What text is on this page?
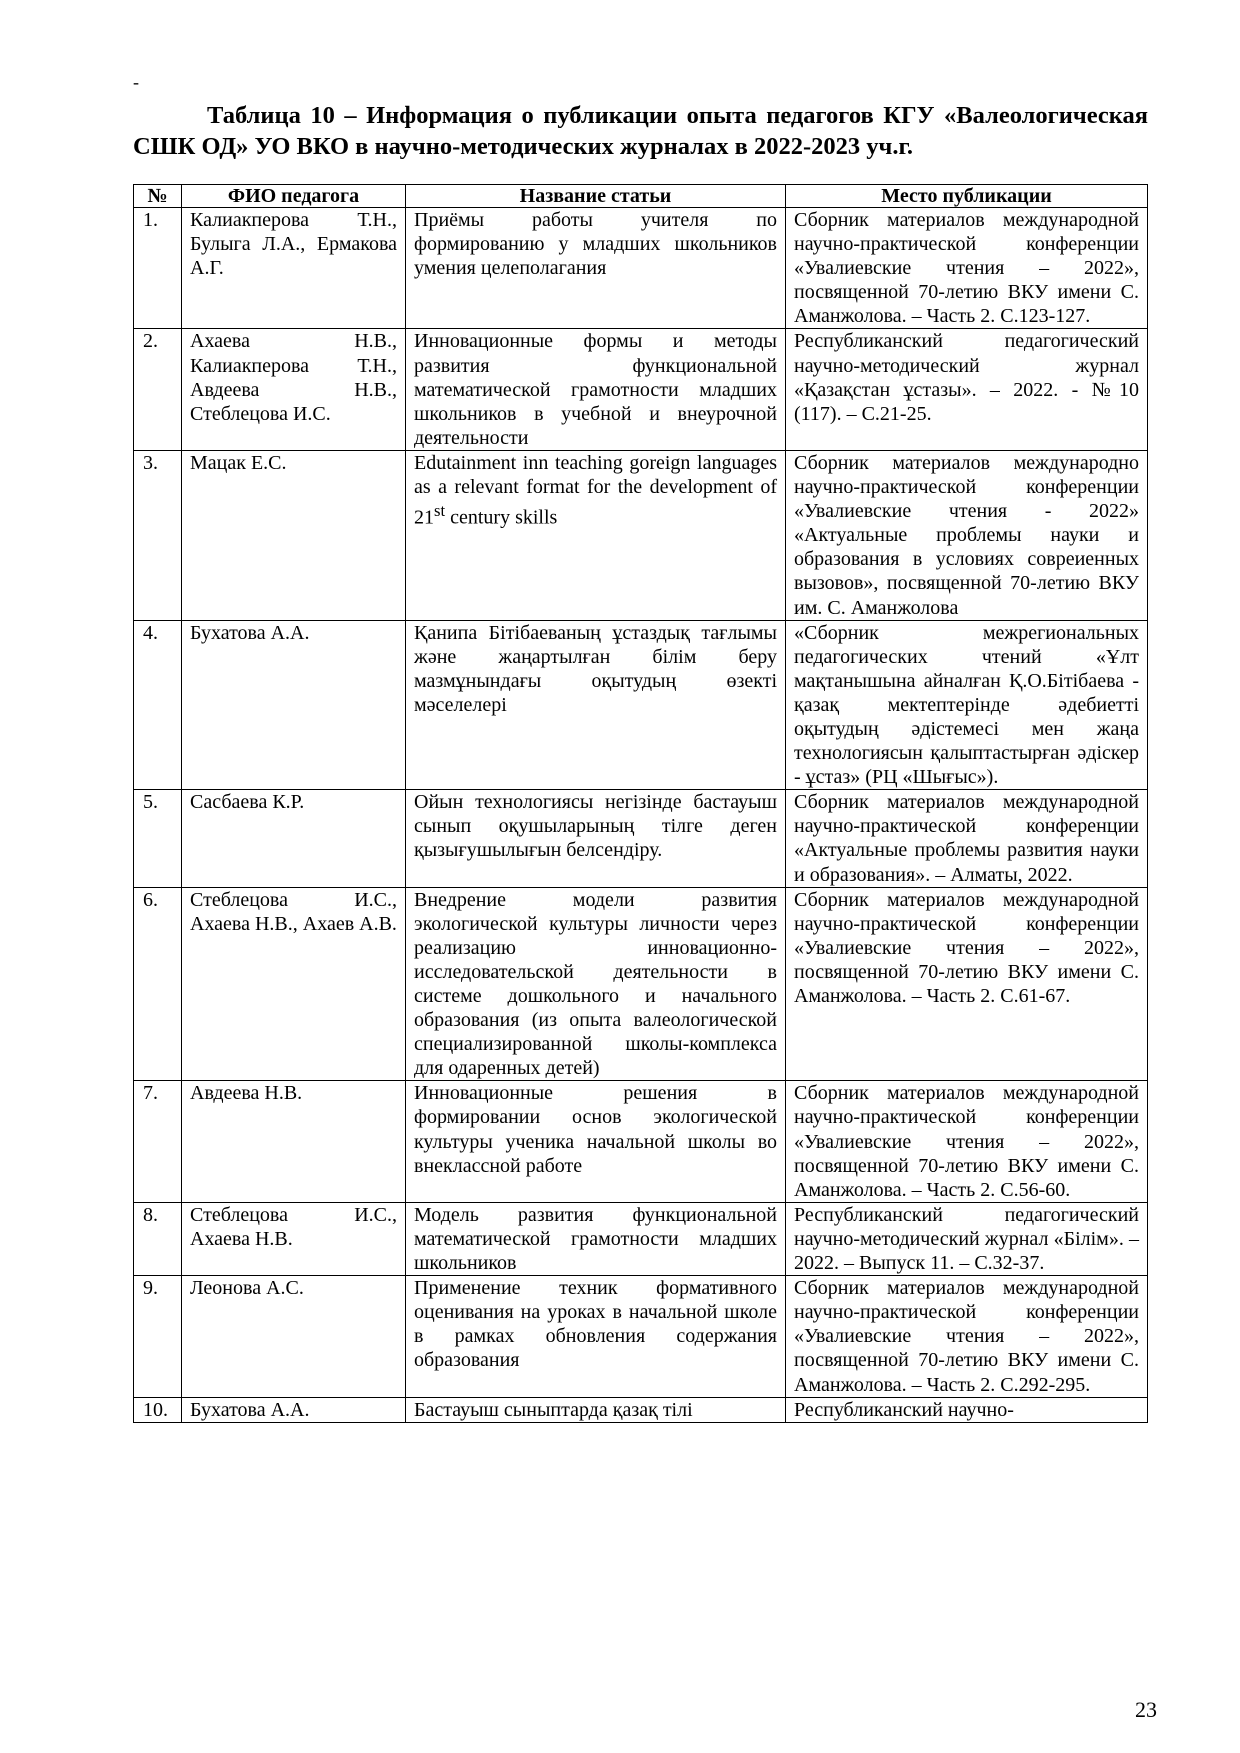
-

Таблица 10 – Информация о публикации опыта педагогов КГУ «Валеологическая СШК ОД» УО ВКО в научно-методических журналах в 2022-2023 уч.г.

№	ФИО педагога	Название статьи	Место публикации
1.	Калиакперова Т.Н., Булыга Л.А., Ермакова А.Г.	Приёмы работы учителя по формированию у младших школьников умения целеполагания	Сборник материалов международной научно-практической конференции «Увалиевские чтения – 2022», посвященной 70-летию ВКУ имени С. Аманжолова. – Часть 2. С.123-127.
2.	Ахаева Н.В., Калиакперова Т.Н., Авдеева Н.В., Стеблецова И.С.	Инновационные формы и методы развития функциональной математической грамотности младших школьников в учебной и внеурочной деятельности	Республиканский педагогический научно-методический журнал «Қазақстан ұстазы». – 2022. - №10 (117). – С.21-25.
3.	Мацак Е.С.	Edutainment inn teaching goreign languages as a relevant format for the development of 21st century skills	Сборник материалов международно научно-практической конференции «Увалиевские чтения - 2022» «Актуальные проблемы науки и образования в условиях совреиенных вызовов», посвященной 70-летию ВКУ им. С. Аманжолова
4.	Бухатова А.А.	Қанипа Бітібаеваның ұстаздық тағлымы және жаңартылған білім беру мазмұнындағы оқытудың өзекті мәселелері	«Сборник межрегиональных педагогических чтений «Ұлт мақтанышына айналған Қ.О.Бітібаева - қазақ мектептерінде әдебиетті оқытудың әдістемесі мен жаңа технологиясын қалыптастырған әдіскер - ұстаз» (РЦ «Шығыс»).
5.	Сасбаева К.Р.	Ойын технологиясы негізінде бастауыш сынып оқушыларының тілге деген қызығушылығын белсендіру.	Сборник материалов международной научно-практической конференции «Актуальные проблемы развития науки и образования». – Алматы, 2022.
6.	Стеблецова И.С., Ахаева Н.В., Ахаев А.В.	Внедрение модели развития экологической культуры личности через реализацию инновационно-исследовательской деятельности в системе дошкольного и начального образования (из опыта валеологической специализированной школы-комплекса для одаренных детей)	Сборник материалов международной научно-практической конференции «Увалиевские чтения – 2022», посвященной 70-летию ВКУ имени С. Аманжолова. – Часть 2. С.61-67.
7.	Авдеева Н.В.	Инновационные решения в формировании основ экологической культуры ученика начальной школы во внеклассной работе	Сборник материалов международной научно-практической конференции «Увалиевские чтения – 2022», посвященной 70-летию ВКУ имени С. Аманжолова. – Часть 2. С.56-60.
8.	Стеблецова И.С., Ахаева Н.В.	Модель развития функциональной математической грамотности младших школьников	Республиканский педагогический научно-методический журнал «Білім». – 2022. – Выпуск 11. – С.32-37.
9.	Леонова А.С.	Применение техник формативного оценивания на уроках в начальной школе в рамках обновления содержания образования	Сборник материалов международной научно-практической конференции «Увалиевские чтения – 2022», посвященной 70-летию ВКУ имени С. Аманжолова. – Часть 2. С.292-295.
10.	Бухатова А.А.	Бастауыш сыныптарда қазақ тілі	Республиканский научно-
23
